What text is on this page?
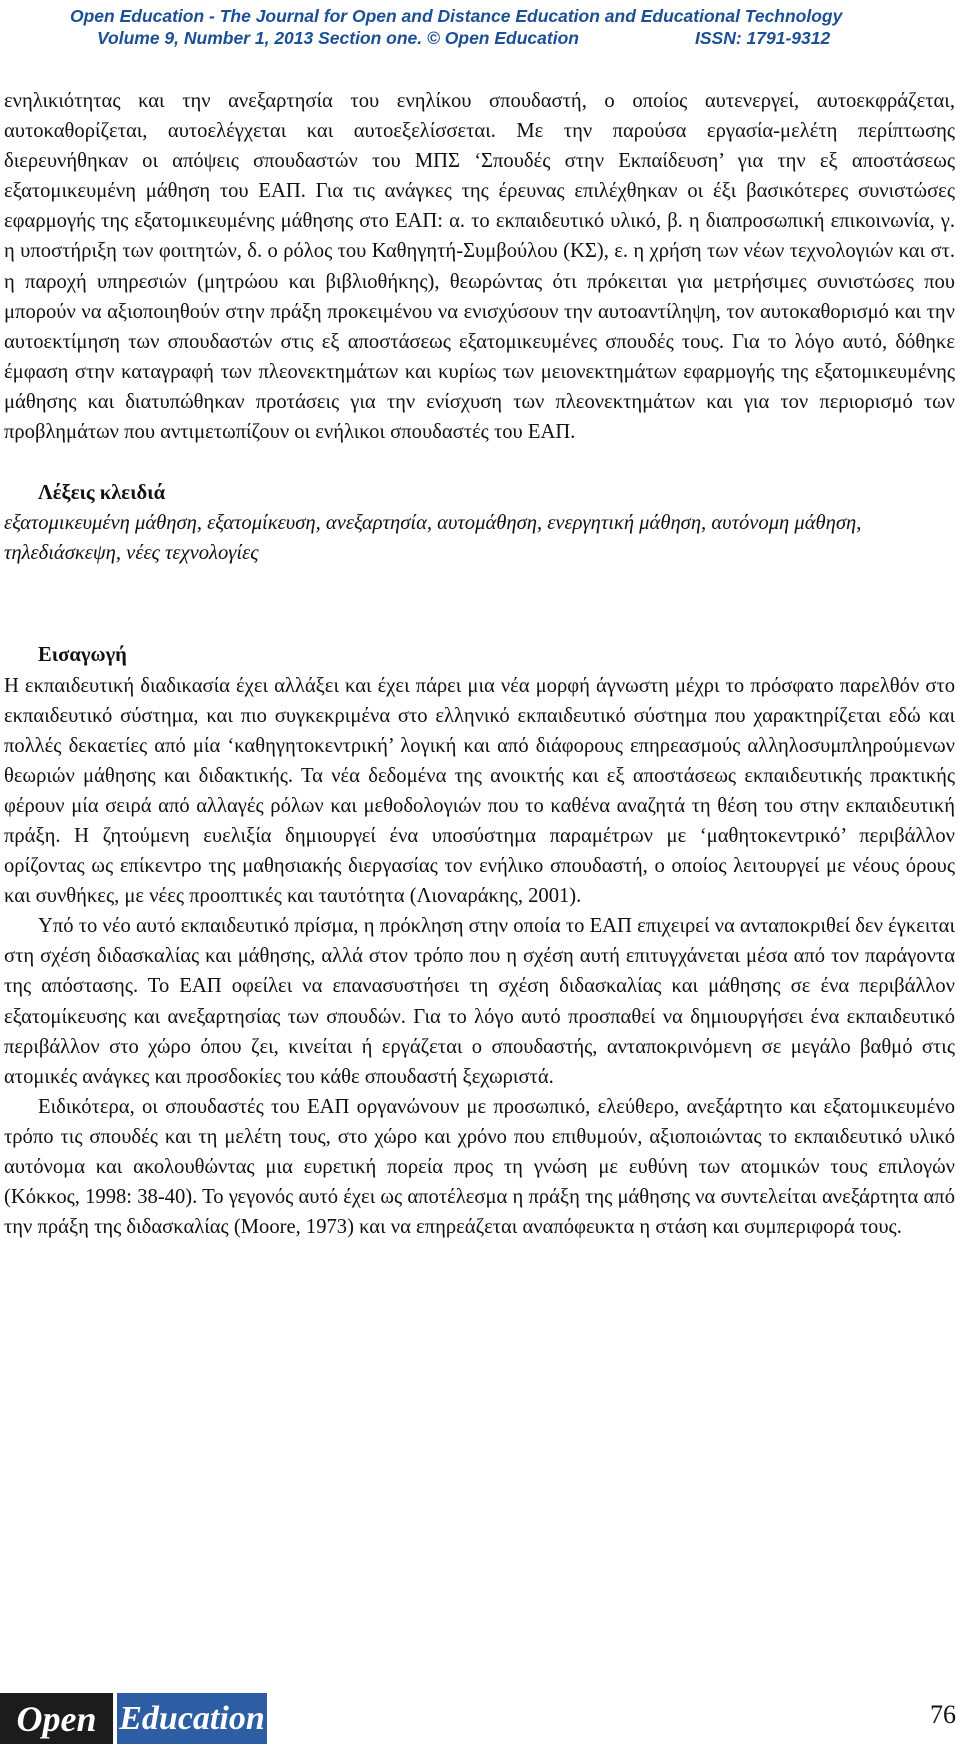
Open Education - The Journal for Open and Distance Education and Educational Technology
Volume 9, Number 1, 2013 Section one. © Open Education	ISSN: 1791-9312

ενηλικιότητας και την ανεξαρτησία του ενηλίκου σπουδαστή, ο οποίος αυτενεργεί, αυτοεκφράζεται, αυτοκαθορίζεται, αυτοελέγχεται και αυτοεξελίσσεται. Με την παρούσα εργασία-μελέτη περίπτωσης διερευνήθηκαν οι απόψεις σπουδαστών του ΜΠΣ ‘Σπουδές στην Εκπαίδευση’ για την εξ αποστάσεως εξατομικευμένη μάθηση του ΕΑΠ. Για τις ανάγκες της έρευνας επιλέχθηκαν οι έξι βασικότερες συνιστώσες εφαρμογής της εξατομικευμένης μάθησης στο ΕΑΠ: α. το εκπαιδευτικό υλικό, β. η διαπροσωπική επικοινωνία, γ. η υποστήριξη των φοιτητών, δ. ο ρόλος του Καθηγητή-Συμβούλου (ΚΣ), ε. η χρήση των νέων τεχνολογιών και στ. η παροχή υπηρεσιών (μητρώου και βιβλιοθήκης), θεωρώντας ότι πρόκειται για μετρήσιμες συνιστώσες που μπορούν να αξιοποιηθούν στην πράξη προκειμένου να ενισχύσουν την αυτοαντίληψη, τον αυτοκαθορισμό και την αυτοεκτίμηση των σπουδαστών στις εξ αποστάσεως εξατομικευμένες σπουδές τους. Για το λόγο αυτό, δόθηκε έμφαση στην καταγραφή των πλεονεκτημάτων και κυρίως των μειονεκτημάτων εφαρμογής της εξατομικευμένης μάθησης και διατυπώθηκαν προτάσεις για την ενίσχυση των πλεονεκτημάτων και για τον περιορισμό των προβλημάτων που αντιμετωπίζουν οι ενήλικοι σπουδαστές του ΕΑΠ.

Λέξεις κλειδιά

εξατομικευμένη μάθηση, εξατομίκευση, ανεξαρτησία, αυτομάθηση, ενεργητική μάθηση, αυτόνομη μάθηση, τηλεδιάσκεψη, νέες τεχνολογίες

Εισαγωγή

Η εκπαιδευτική διαδικασία έχει αλλάξει και έχει πάρει μια νέα μορφή άγνωστη μέχρι το πρόσφατο παρελθόν στο εκπαιδευτικό σύστημα, και πιο συγκεκριμένα στο ελληνικό εκπαιδευτικό σύστημα που χαρακτηρίζεται εδώ και πολλές δεκαετίες από μία ‘καθηγητοκεντρική’ λογική και από διάφορους επηρεασμούς αλληλοσυμπληρούμενων θεωριών μάθησης και διδακτικής. Τα νέα δεδομένα της ανοικτής και εξ αποστάσεως εκπαιδευτικής πρακτικής φέρουν μία σειρά από αλλαγές ρόλων και μεθοδολογιών που το καθένα αναζητά τη θέση του στην εκπαιδευτική πράξη. Η ζητούμενη ευελιξία δημιουργεί ένα υποσύστημα παραμέτρων με ‘μαθητοκεντρικό’ περιβάλλον ορίζοντας ως επίκεντρο της μαθησιακής διεργασίας τον ενήλικο σπουδαστή, ο οποίος λειτουργεί με νέους όρους και συνθήκες, με νέες προοπτικές και ταυτότητα (Λιοναράκης, 2001).

Υπό το νέο αυτό εκπαιδευτικό πρίσμα, η πρόκληση στην οποία το ΕΑΠ επιχειρεί να ανταποκριθεί δεν έγκειται στη σχέση διδασκαλίας και μάθησης, αλλά στον τρόπο που η σχέση αυτή επιτυγχάνεται μέσα από τον παράγοντα της απόστασης. Το ΕΑΠ οφείλει να επανασυστήσει τη σχέση διδασκαλίας και μάθησης σε ένα περιβάλλον εξατομίκευσης και ανεξαρτησίας των σπουδών. Για το λόγο αυτό προσπαθεί να δημιουργήσει ένα εκπαιδευτικό περιβάλλον στο χώρο όπου ζει, κινείται ή εργάζεται ο σπουδαστής, ανταποκρινόμενη σε μεγάλο βαθμό στις ατομικές ανάγκες και προσδοκίες του κάθε σπουδαστή ξεχωριστά.

Ειδικότερα, οι σπουδαστές του ΕΑΠ οργανώνουν με προσωπικό, ελεύθερο, ανεξάρτητο και εξατομικευμένο τρόπο τις σπουδές και τη μελέτη τους, στο χώρο και χρόνο που επιθυμούν, αξιοποιώντας το εκπαιδευτικό υλικό αυτόνομα και ακολουθώντας μια ευρετική πορεία προς τη γνώση με ευθύνη των ατομικών τους επιλογών (Κόκκος, 1998: 38-40). Το γεγονός αυτό έχει ως αποτέλεσμα η πράξη της μάθησης να συντελείται ανεξάρτητα από την πράξη της διδασκαλίας (Moore, 1973) και να επηρεάζεται αναπόφευκτα η στάση και συμπεριφορά τους.

Open Education	76
